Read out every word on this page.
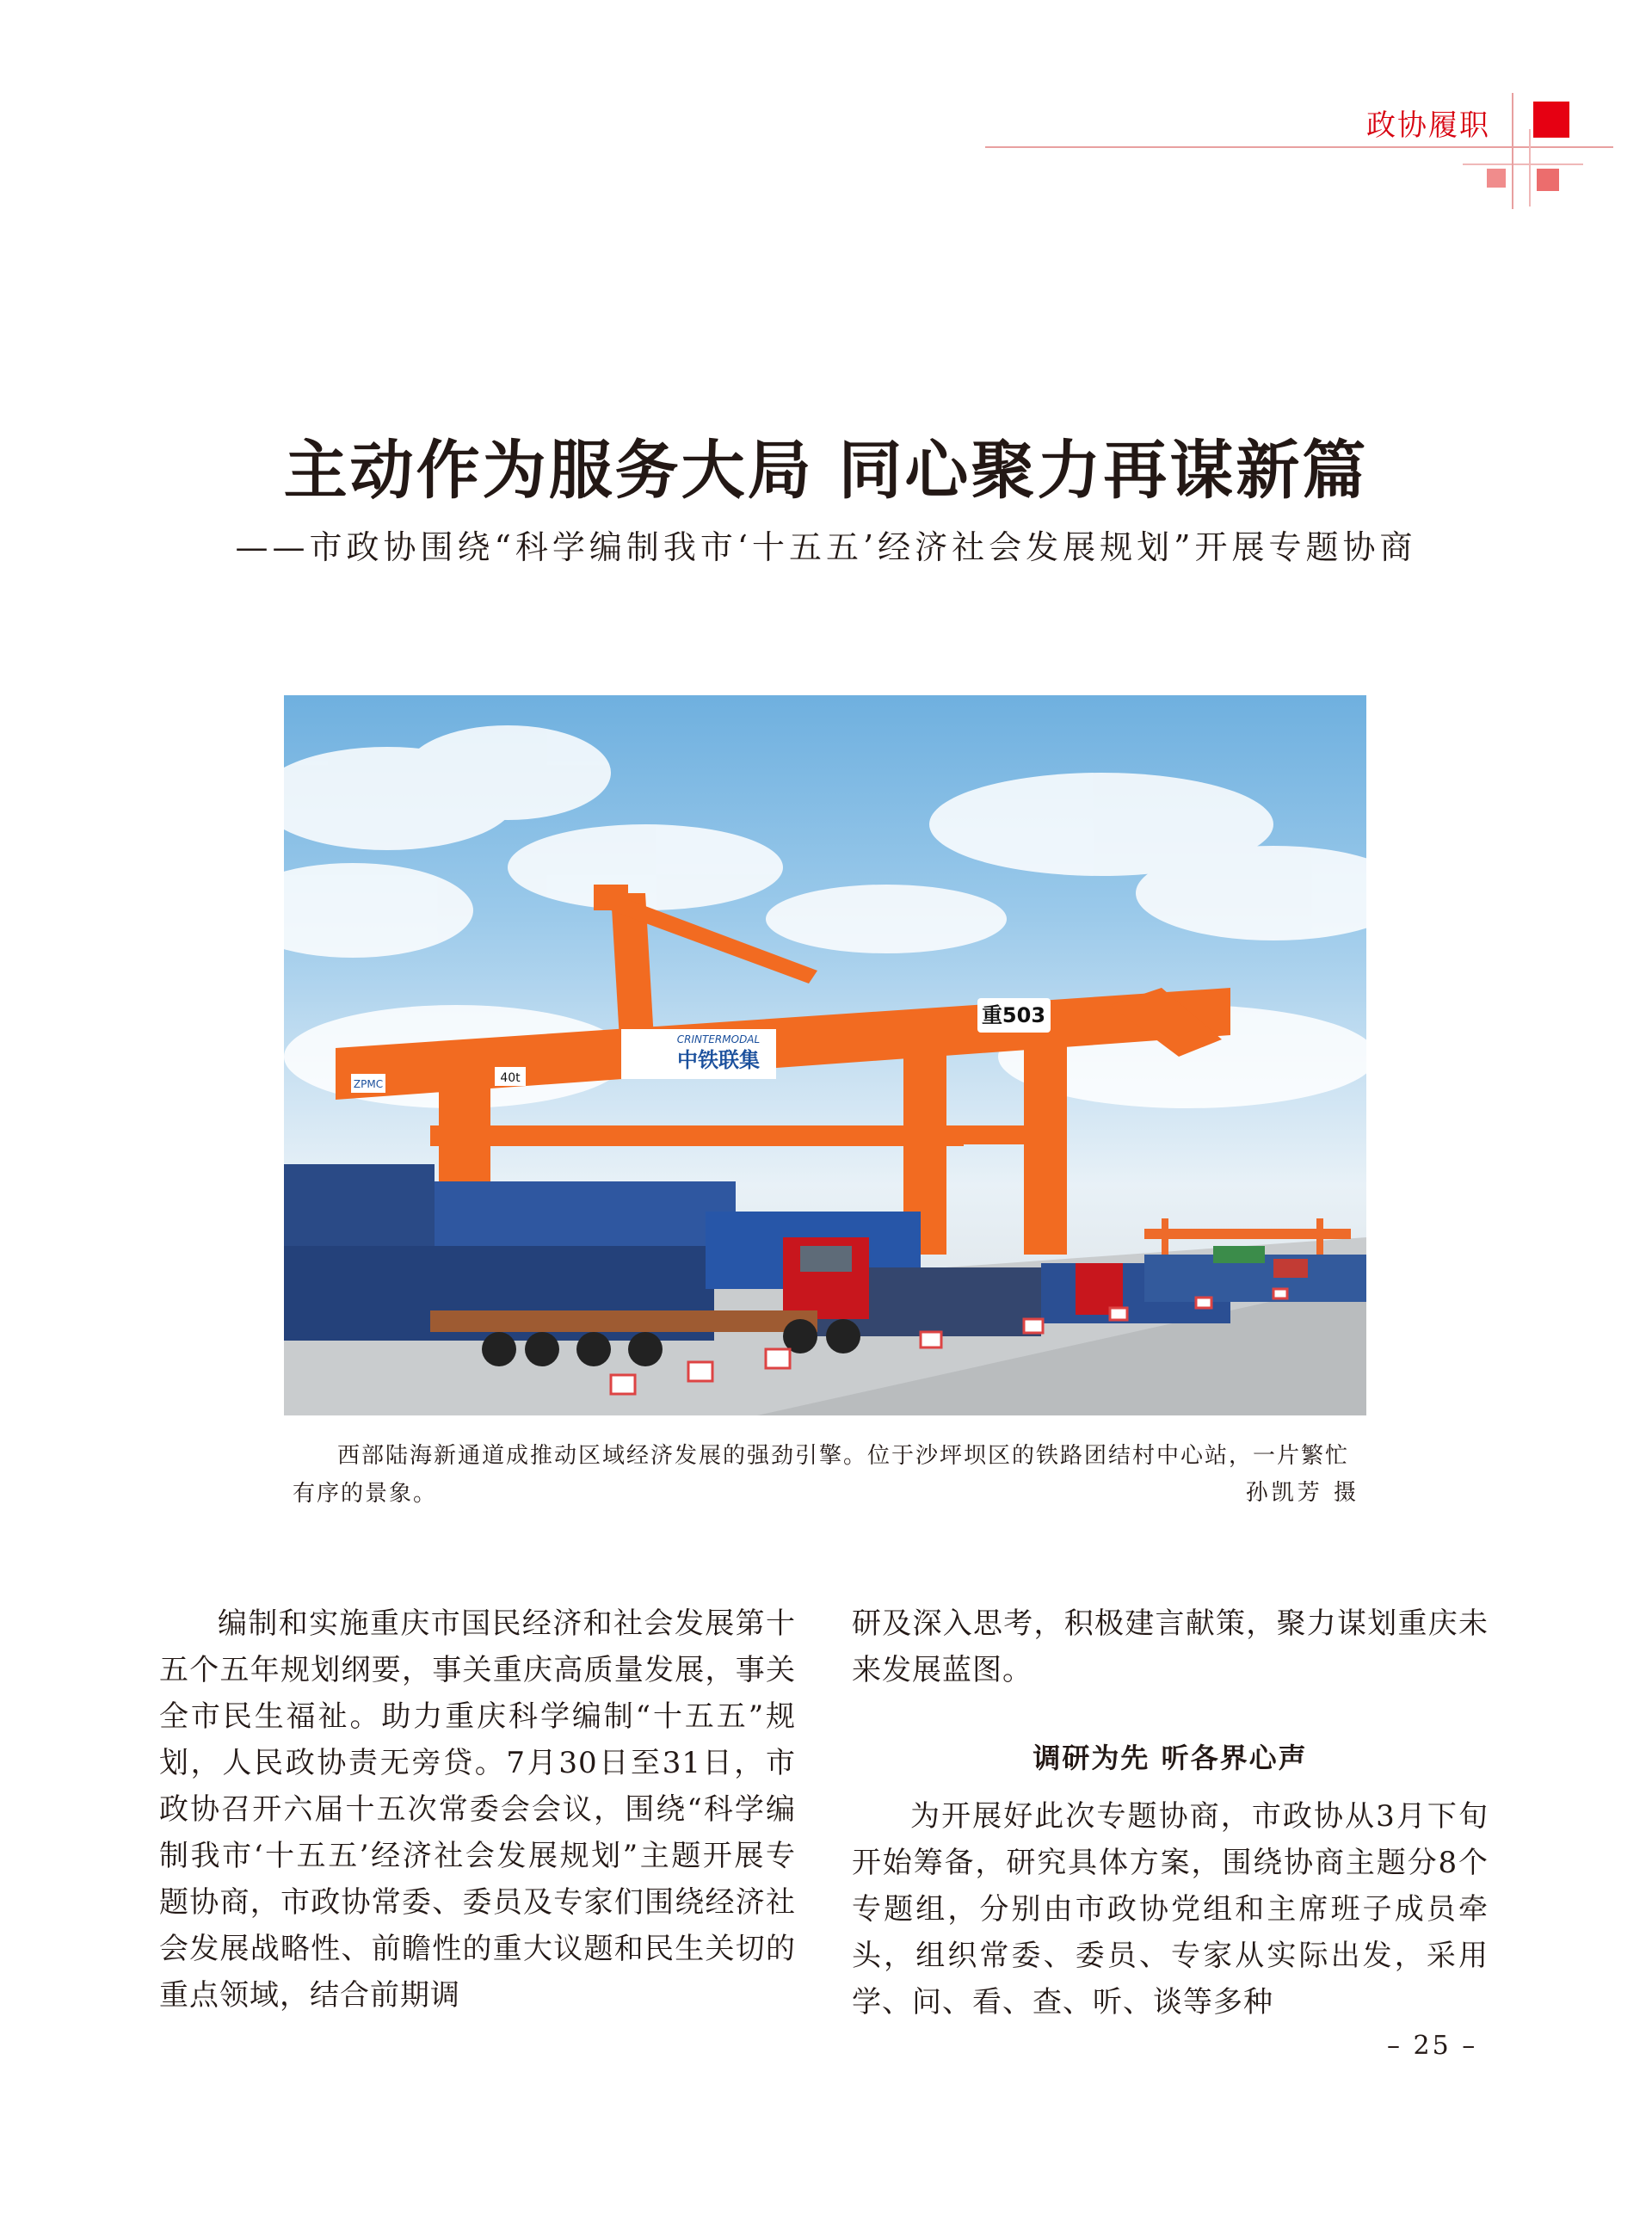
政协履职
主动作为服务大局 同心聚力再谋新篇
——市政协围绕“科学编制我市‘十五五’经济社会发展规划”开展专题协商
重503
CRINTERMODAL
中铁联集
40t
ZPMC
西部陆海新通道成推动区域经济发展的强劲引擎。位于沙坪坝区的铁路团结村中心站，一片繁忙
有序的景象。	孙凯芳 摄

编制和实施重庆市国民经济和社会发展第十五个五年规划纲要，事关重庆高质量发展，事关全市民生福祉。助力重庆科学编制“十五五”规划，人民政协责无旁贷。7月30日至31日，市政协召开六届十五次常委会会议，围绕“科学编制我市‘十五五’经济社会发展规划”主题开展专题协商，市政协常委、委员及专家们围绕经济社会发展战略性、前瞻性的重大议题和民生关切的重点领域，结合前期调

研及深入思考，积极建言献策，聚力谋划重庆未来发展蓝图。

调研为先 听各界心声

为开展好此次专题协商，市政协从3月下旬开始筹备，研究具体方案，围绕协商主题分8个专题组，分别由市政协党组和主席班子成员牵头，组织常委、委员、专家从实际出发，采用学、问、看、查、听、谈等多种

– 25 –
